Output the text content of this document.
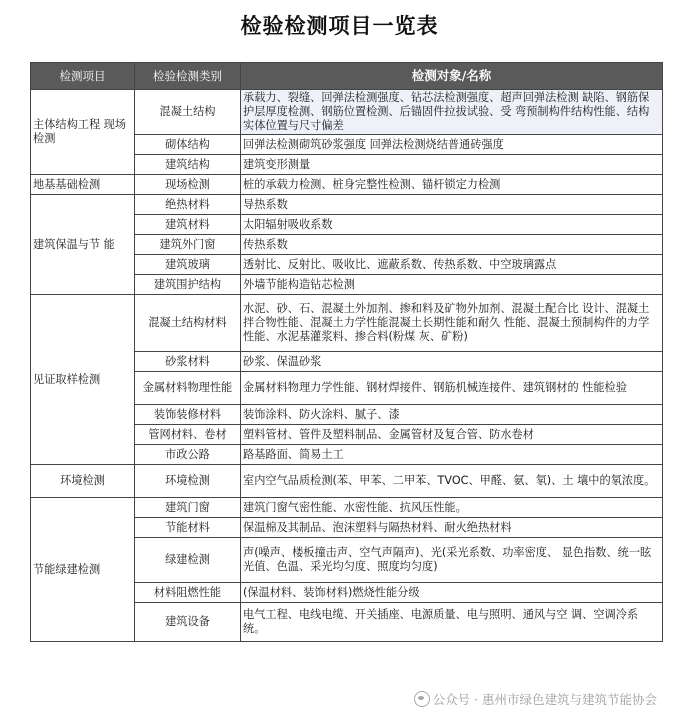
检验检测项目一览表
检测项目	检验检测类别	检测对象/名称
主体结构工程 现场检测	混凝土结构	承载力、裂缝、回弹法检测强度、钻芯法检测强度、超声回弹法检测 缺陷、钢筋保护层厚度检测、钢筋位置检测、后锚固件拉拔试验、受 弯预制构件结构性能、结构实体位置与尺寸偏差
	砌体结构	回弹法检测砌筑砂浆强度 回弹法检测烧结普通砖强度
	建筑结构	建筑变形测量
地基基础检测	现场检测	桩的承载力检测、桩身完整性检测、锚杆锁定力检测
建筑保温与节 能	绝热材料	导热系数
	建筑材料	太阳辐射吸收系数
	建筑外门窗	传热系数
	建筑玻璃	透射比、反射比、吸收比、遮蔽系数、传热系数、中空玻璃露点
	建筑围护结构	外墙节能构造钻芯检测
见证取样检测	混凝土结构材料	水泥、砂、石、混凝土外加剂、掺和料及矿物外加剂、混凝土配合比 设计、混凝土拌合物性能、混凝土力学性能混凝土长期性能和耐久 性能、混凝土预制构件的力学性能、水泥基灌浆料、掺合料(粉煤 灰、矿粉)
	砂浆材料	砂浆、保温砂浆
	金属材料物理性能	金属材料物理力学性能、钢材焊接件、钢筋机械连接件、建筑钢材的 性能检验
	装饰装修材料	装饰涂料、防火涂料、腻子、漆
	管网材料、卷材	塑料管材、管件及塑料制品、金属管材及复合管、防水卷材
	市政公路	路基路面、简易土工
环境检测	环境检测	室内空气品质检测(苯、甲苯、二甲苯、TVOC、甲醛、氨、氡)、土 壤中的氡浓度。
节能绿建检测	建筑门窗	建筑门窗气密性能、水密性能、抗风压性能。
	节能材料	保温棉及其制品、泡沫塑料与隔热材料、耐火绝热材料
	绿建检测	声(噪声、楼板撞击声、空气声隔声)、光(采光系数、功率密度、 显色指数、统一眩光值、色温、采光均匀度、照度均匀度)
	材料阻燃性能	(保温材料、装饰材料)燃烧性能分级
	建筑设备	电气工程、电线电缆、开关插座、电源质量、电与照明、通风与空 调、空调冷系统。
公众号 · 惠州市绿色建筑与建筑节能协会
